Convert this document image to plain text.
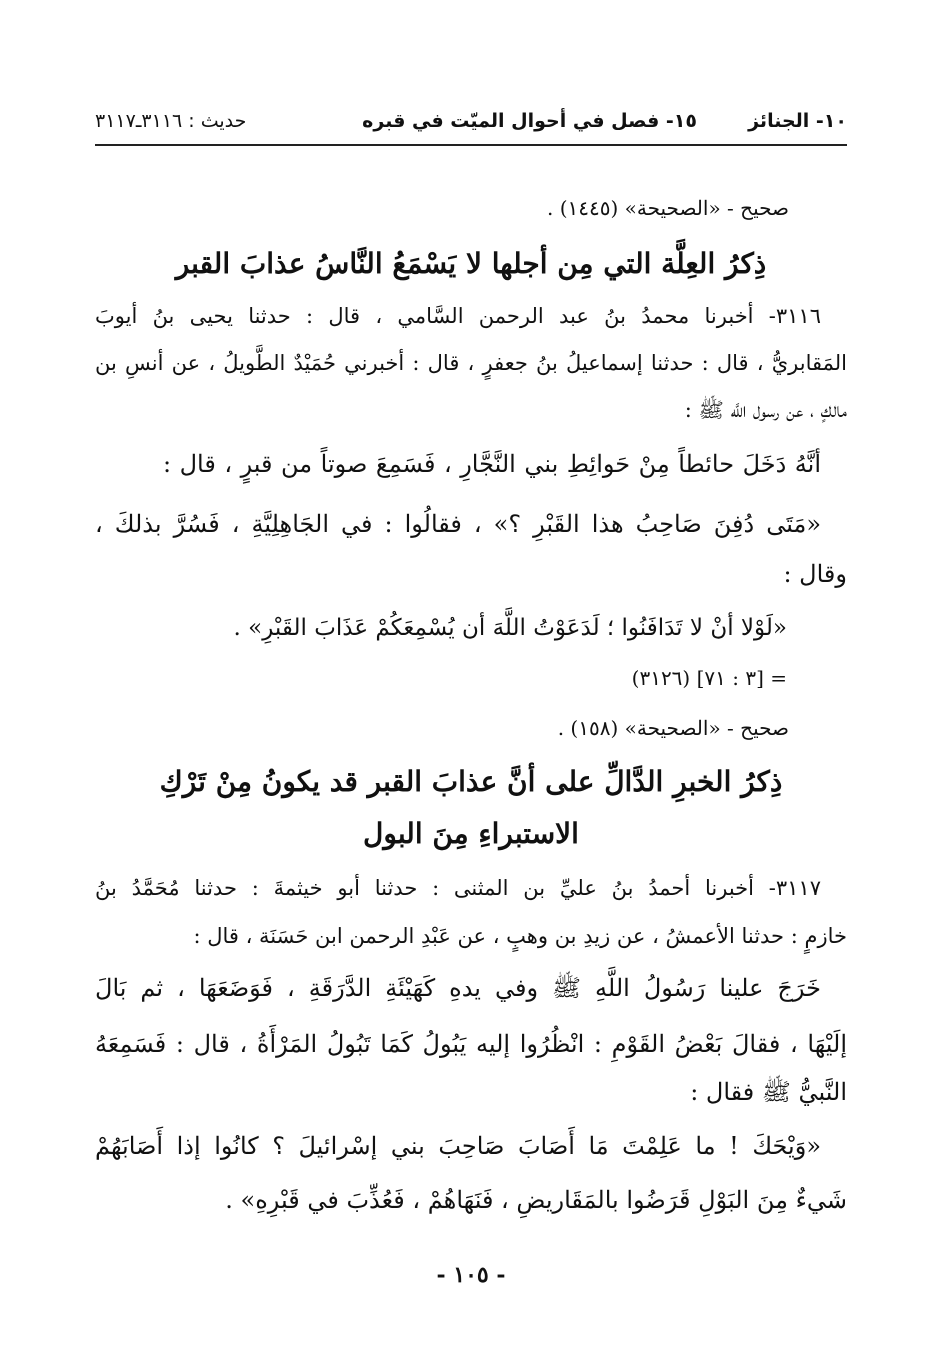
١٠- الجنائز
١٥- فصل في أحوال الميّت في قبره
حديث : ٣١١٦ـ٣١١٧
صحيح - «الصحيحة» (١٤٤٥) .
ذِكرُ العِلَّة التي مِن أجلها لا يَسْمَعُ النَّاسُ عذابَ القبر
٣١١٦- أخبرنا محمدُ بنُ عبد الرحمن السَّامي ، قال : حدثنا يحيى بنُ أيوبَ
المَقابريُّ ، قال : حدثنا إسماعيلُ بنُ جعفرٍ ، قال : أخبرني حُمَيْدٌ الطَّويلُ ، عن أنسِ بن
مالكٍ ، عن رسول اللَّه ﷺ :
أنَّهُ دَخَلَ حائطاً مِنْ حَوائِطِ بني النَّجَّارِ ، فَسَمِعَ صوتاً من قبرٍ ، قال :
«مَتَى دُفِنَ صَاحِبُ هذا القَبْرِ ؟» ، فقالُوا : في الجَاهِلِيَّةِ ، فَسُرَّ بذلكَ ،
وقال :
«لَوْلا أنْ لا تَدَافَنُوا ؛ لَدَعَوْتُ اللَّهَ أن يُسْمِعَكُمْ عَذَابَ القَبْرِ» .
= [٣ : ٧١] (٣١٢٦)
صحيح - «الصحيحة» (١٥٨) .
ذِكرُ الخبرِ الدَّالِّ على أنَّ عذابَ القبر قد يكونُ مِنْ تَرْكِ
الاستبراءِ مِنَ البول
٣١١٧- أخبرنا أحمدُ بنُ عليِّ بن المثنى : حدثنا أبو خيثمةَ : حدثنا مُحَمَّدُ بنُ
خازمٍ : حدثنا الأعمشُ ، عن زيدِ بن وهبٍ ، عن عَبْدِ الرحمن ابن حَسَنَة ، قال :
خَرَجَ علينا رَسُولُ اللَّهِ ﷺ وفي يدهِ كَهَيْئَةِ الدَّرَقَةِ ، فَوَضَعَهَا ، ثم بَالَ
إلَيْهَا ، فقالَ بَعْضُ القَوْمِ : انْظُرُوا إليه يَبُولُ كَمَا تَبُولُ المَرْأَةُ ، قال : فَسَمِعَهُ
النَّبيُّ ﷺ فقال :
«وَيْحَكَ ! ما عَلِمْتَ مَا أَصَابَ صَاحِبَ بني إسْرائيلَ ؟ كانُوا إذا أَصَابَهُمْ
شَيءٌ مِنَ البَوْلِ قَرَضُوا بالمَقَاريضِ ، فَنَهَاهُمْ ، فَعُذِّبَ في قَبْرِهِ» .
- ١٠٥ -
